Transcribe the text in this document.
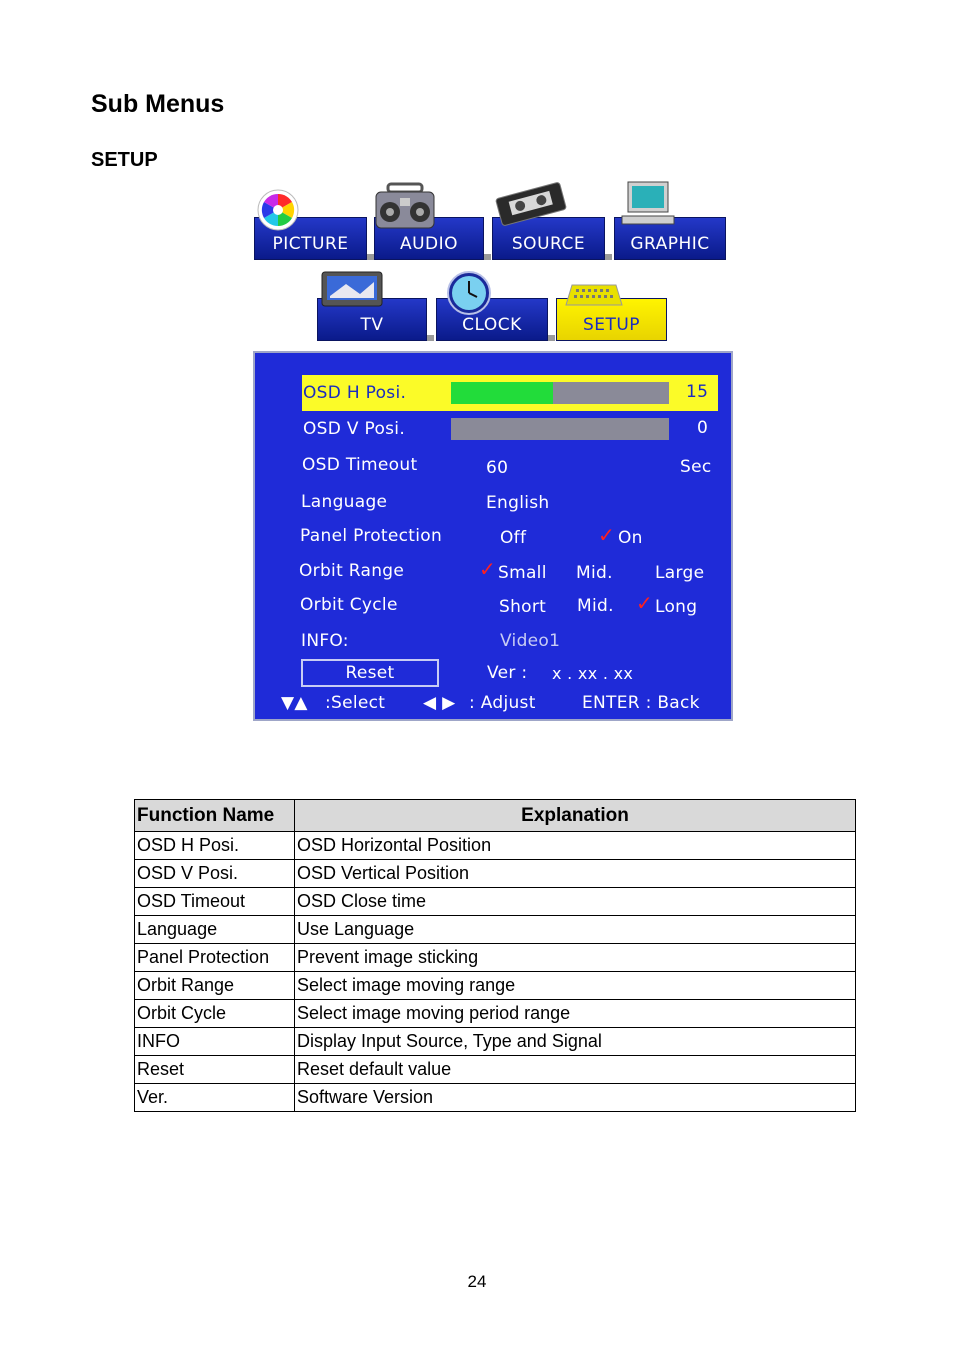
Sub Menus
SETUP
PICTURE	AUDIO	SOURCE	GRAPHIC
TV	CLOCK	SETUP
OSD H Posi.	15
OSD V Posi.	0
OSD Timeout	60	Sec
Language	English
Panel Protection	Off	✓ On
Orbit Range	✓ Small Mid. Large
Orbit Cycle	Short Mid. ✓ Long
INFO:	Video1
Reset	Ver : x . xx . xx
▼▲ :Select ◀ ▶ : Adjust	ENTER : Back
Function Name	Explanation
OSD H Posi.	OSD Horizontal Position
OSD V Posi.	OSD Vertical Position
OSD Timeout	OSD Close time
Language	Use Language
Panel Protection	Prevent image sticking
Orbit Range	Select image moving range
Orbit Cycle	Select image moving period range
INFO	Display Input Source, Type and Signal
Reset	Reset default value
Ver.	Software Version
24
